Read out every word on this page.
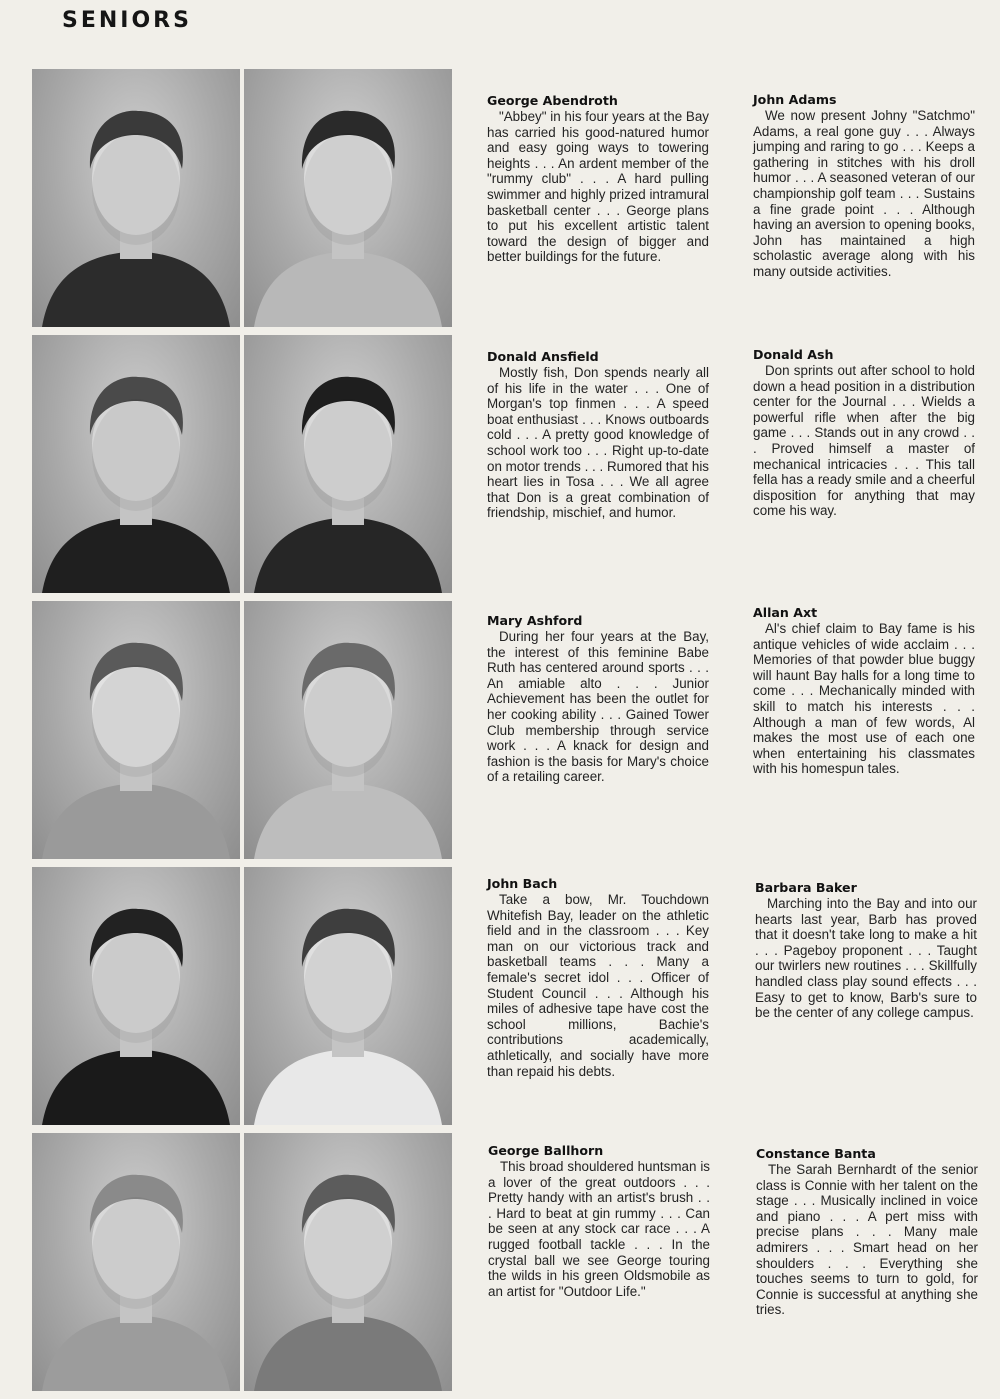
SENIORS
George Abendroth

"Abbey" in his four years at the Bay has carried his good-natured humor and easy going ways to towering heights . . . An ardent member of the "rummy club" . . . A hard pulling swimmer and highly prized intramural basketball center . . . George plans to put his excellent artistic talent toward the design of bigger and better buildings for the future.

John Adams

We now present Johny "Satchmo" Adams, a real gone guy . . . Always jumping and raring to go . . . Keeps a gathering in stitches with his droll humor . . . A seasoned veteran of our championship golf team . . . Sustains a fine grade point . . . Although having an aversion to opening books, John has maintained a high scholastic average along with his many outside activities.

Donald Ansfield

Mostly fish, Don spends nearly all of his life in the water . . . One of Morgan's top finmen . . . A speed boat enthusiast . . . Knows outboards cold . . . A pretty good knowledge of school work too . . . Right up-to-date on motor trends . . . Rumored that his heart lies in Tosa . . . We all agree that Don is a great combination of friendship, mischief, and humor.

Donald Ash

Don sprints out after school to hold down a head position in a distribution center for the Journal . . . Wields a powerful rifle when after the big game . . . Stands out in any crowd . . . Proved himself a master of mechanical intricacies . . . This tall fella has a ready smile and a cheerful disposition for anything that may come his way.

Mary Ashford

During her four years at the Bay, the interest of this feminine Babe Ruth has centered around sports . . . An amiable alto . . . Junior Achievement has been the outlet for her cooking ability . . . Gained Tower Club membership through service work . . . A knack for design and fashion is the basis for Mary's choice of a retailing career.

Allan Axt

Al's chief claim to Bay fame is his antique vehicles of wide acclaim . . . Memories of that powder blue buggy will haunt Bay halls for a long time to come . . . Mechanically minded with skill to match his interests . . . Although a man of few words, Al makes the most use of each one when entertaining his classmates with his homespun tales.

John Bach

Take a bow, Mr. Touchdown Whitefish Bay, leader on the athletic field and in the classroom . . . Key man on our victorious track and basketball teams . . . Many a female's secret idol . . . Officer of Student Council . . . Although his miles of adhesive tape have cost the school millions, Bachie's contributions academically, athletically, and socially have more than repaid his debts.

Barbara Baker

Marching into the Bay and into our hearts last year, Barb has proved that it doesn't take long to make a hit . . . Pageboy proponent . . . Taught our twirlers new routines . . . Skillfully handled class play sound effects . . . Easy to get to know, Barb's sure to be the center of any college campus.

George Ballhorn

This broad shouldered huntsman is a lover of the great outdoors . . . Pretty handy with an artist's brush . . . Hard to beat at gin rummy . . . Can be seen at any stock car race . . . A rugged football tackle . . . In the crystal ball we see George touring the wilds in his green Oldsmobile as an artist for "Outdoor Life."

Constance Banta

The Sarah Bernhardt of the senior class is Connie with her talent on the stage . . . Musically inclined in voice and piano . . . A pert miss with precise plans . . . Many male admirers . . . Smart head on her shoulders . . . Everything she touches seems to turn to gold, for Connie is successful at anything she tries.
